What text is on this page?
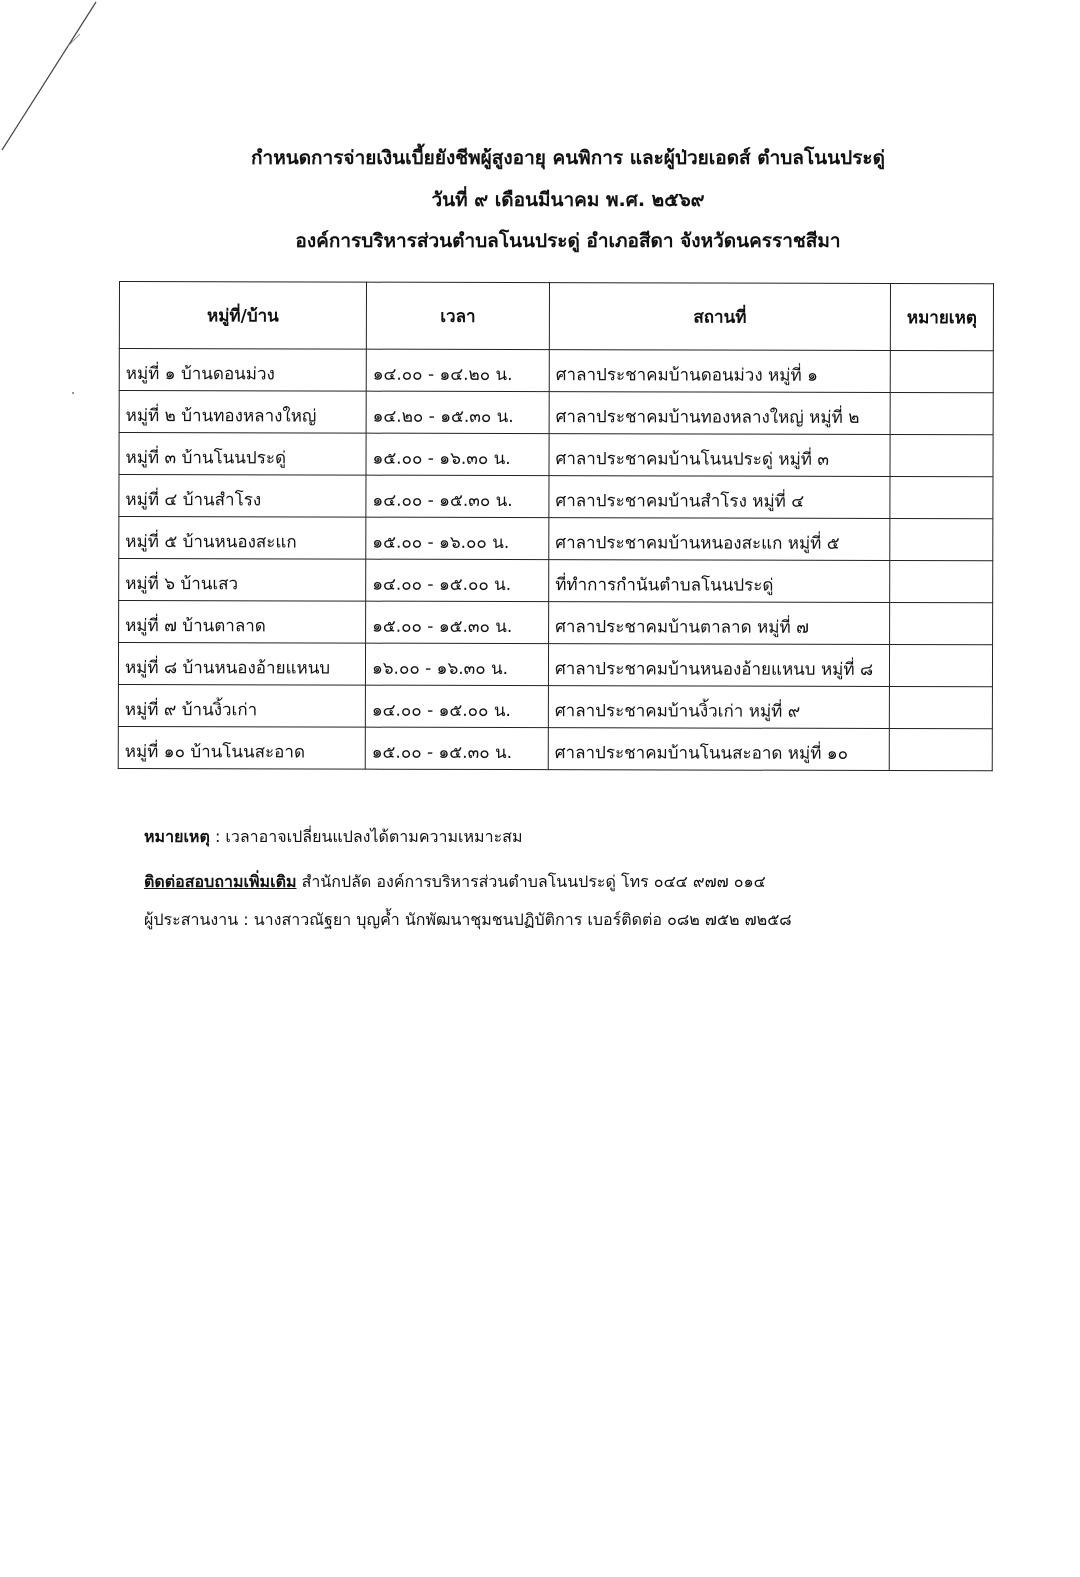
กำหนดการจ่ายเงินเบี้ยยังชีพผู้สูงอายุ คนพิการ และผู้ป่วยเอดส์ ตำบลโนนประดู่
วันที่ ๙ เดือนมีนาคม พ.ศ. ๒๕๖๙
องค์การบริหารส่วนตำบลโนนประดู่ อำเภอสีดา จังหวัดนครราชสีมา
หมู่ที่/บ้าน	เวลา	สถานที่	หมายเหตุ
หมู่ที่ ๑ บ้านดอนม่วง	๑๔.๐๐ - ๑๔.๒๐ น.	ศาลาประชาคมบ้านดอนม่วง หมู่ที่ ๑	
หมู่ที่ ๒ บ้านทองหลางใหญ่	๑๔.๒๐ - ๑๕.๓๐ น.	ศาลาประชาคมบ้านทองหลางใหญ่ หมู่ที่ ๒	
หมู่ที่ ๓ บ้านโนนประดู่	๑๕.๐๐ - ๑๖.๓๐ น.	ศาลาประชาคมบ้านโนนประดู่ หมู่ที่ ๓	
หมู่ที่ ๔ บ้านสำโรง	๑๔.๐๐ - ๑๕.๓๐ น.	ศาลาประชาคมบ้านสำโรง หมู่ที่ ๔	
หมู่ที่ ๕ บ้านหนองสะแก	๑๕.๐๐ - ๑๖.๐๐ น.	ศาลาประชาคมบ้านหนองสะแก หมู่ที่ ๕	
หมู่ที่ ๖ บ้านเสว	๑๔.๐๐ - ๑๕.๐๐ น.	ที่ทำการกำนันตำบลโนนประดู่	
หมู่ที่ ๗ บ้านตาลาด	๑๕.๐๐ - ๑๕.๓๐ น.	ศาลาประชาคมบ้านตาลาด หมู่ที่ ๗	
หมู่ที่ ๘ บ้านหนองอ้ายแหนบ	๑๖.๐๐ - ๑๖.๓๐ น.	ศาลาประชาคมบ้านหนองอ้ายแหนบ หมู่ที่ ๘	
หมู่ที่ ๙ บ้านงิ้วเก่า	๑๔.๐๐ - ๑๕.๐๐ น.	ศาลาประชาคมบ้านงิ้วเก่า หมู่ที่ ๙	
หมู่ที่ ๑๐ บ้านโนนสะอาด	๑๕.๐๐ - ๑๕.๓๐ น.	ศาลาประชาคมบ้านโนนสะอาด หมู่ที่ ๑๐	
หมายเหตุ : เวลาอาจเปลี่ยนแปลงได้ตามความเหมาะสม
ติดต่อสอบถามเพิ่มเติม สำนักปลัด องค์การบริหารส่วนตำบลโนนประดู่ โทร ๐๔๔ ๙๗๗ ๐๑๔
ผู้ประสานงาน : นางสาวณัฐยา บุญค้ำ นักพัฒนาชุมชนปฏิบัติการ เบอร์ติดต่อ ๐๘๒ ๗๕๒ ๗๒๕๘
